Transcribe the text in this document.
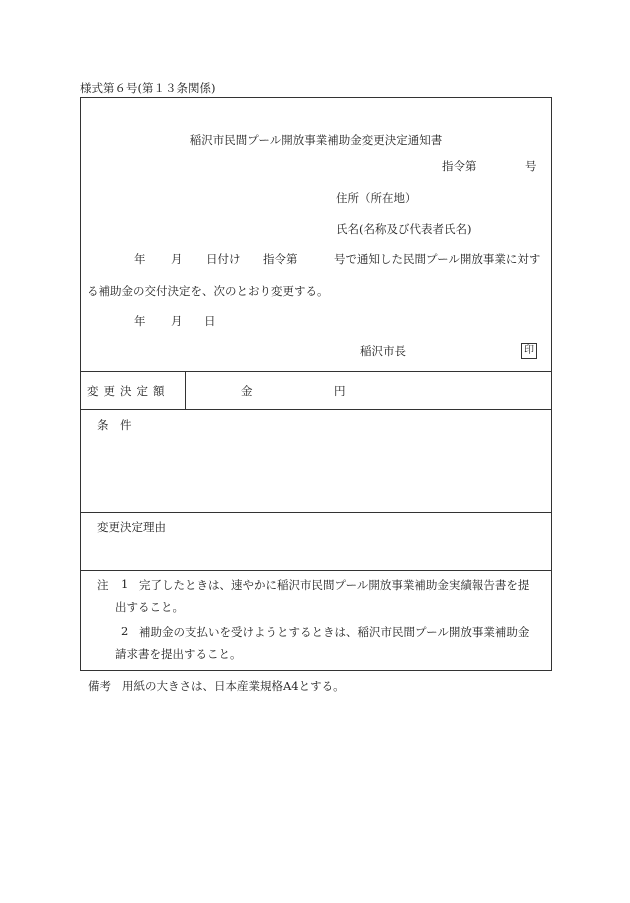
様式第６号(第１３条関係)
稲沢市民間プール開放事業補助金変更決定通知書
指令第	号
住所（所在地）
氏名(名称及び代表者氏名)
年 月 日付け 指令第	号で通知した民間プール開放事業に対す
る補助金の交付決定を、次のとおり変更する。
年 月 日
稲沢市長	印
変更決定額	金	円
条　件
変更決定理由
注 1 完了したときは、速やかに稲沢市民間プール開放事業補助金実績報告書を提
出すること。
2 補助金の支払いを受けようとするときは、稲沢市民間プール開放事業補助金
請求書を提出すること。
備考 用紙の大きさは、日本産業規格A4とする。
